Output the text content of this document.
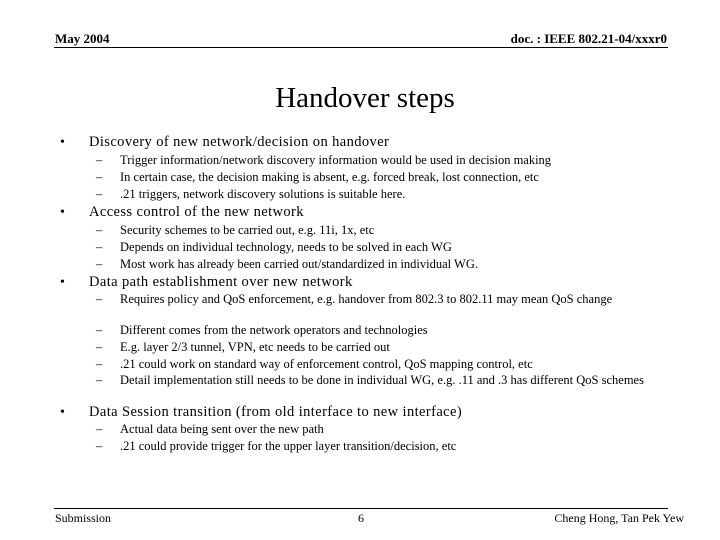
May 2004	doc. : IEEE 802.21-04/xxxr0
Handover steps
• Discovery of new network/decision on handover
– Trigger information/network discovery information would be used in decision making
– In certain case, the decision making is absent, e.g. forced break, lost connection, etc
– .21 triggers, network discovery solutions is suitable here.
• Access control of the new network
– Security schemes to be carried out, e.g. 11i, 1x, etc
– Depends on individual technology, needs to be solved in each WG
– Most work has already been carried out/standardized in individual WG.
• Data path establishment over new network
– Requires policy and QoS enforcement, e.g. handover from 802.3 to 802.11 may mean QoS change
– Different comes from the network operators and technologies
– E.g. layer 2/3 tunnel, VPN, etc needs to be carried out
– .21 could work on standard way of enforcement control, QoS mapping control, etc
– Detail implementation still needs to be done in individual WG, e.g. .11 and .3 has different QoS schemes
• Data Session transition (from old interface to new interface)
– Actual data being sent over the new path
– .21 could provide trigger for the upper layer transition/decision, etc
Submission	6	Cheng Hong, Tan Pek Yew
